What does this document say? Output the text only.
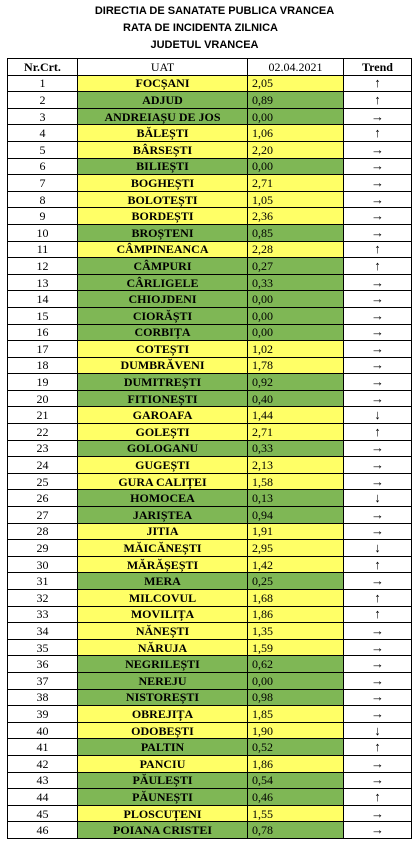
DIRECTIA DE SANATATE PUBLICA VRANCEA
RATA DE INCIDENTA ZILNICA
JUDETUL VRANCEA
Nr.Crt.	UAT	02.04.2021	Trend
1	FOCȘANI	2,05	↑
2	ADJUD	0,89	↑
3	ANDREIAȘU DE JOS	0,00	→
4	BĂLEȘTI	1,06	↑
5	BÂRSEȘTI	2,20	→
6	BILIEȘTI	0,00	→
7	BOGHEȘTI	2,71	→
8	BOLOTEȘTI	1,05	→
9	BORDEȘTI	2,36	→
10	BROȘTENI	0,85	→
11	CÂMPINEANCA	2,28	↑
12	CÂMPURI	0,27	↑
13	CÂRLIGELE	0,33	→
14	CHIOJDENI	0,00	→
15	CIORĂȘTI	0,00	→
16	CORBIȚA	0,00	→
17	COTEȘTI	1,02	→
18	DUMBRĂVENI	1,78	→
19	DUMITREȘTI	0,92	→
20	FITIONEȘTI	0,40	→
21	GAROAFA	1,44	↓
22	GOLEȘTI	2,71	↑
23	GOLOGANU	0,33	→
24	GUGEȘTI	2,13	→
25	GURA CALIȚEI	1,58	→
26	HOMOCEA	0,13	↓
27	JARIȘTEA	0,94	→
28	JITIA	1,91	→
29	MĂICĂNEȘTI	2,95	↓
30	MĂRĂȘEȘTI	1,42	↑
31	MERA	0,25	→
32	MILCOVUL	1,68	↑
33	MOVILIȚA	1,86	↑
34	NĂNEȘTI	1,35	→
35	NĂRUJA	1,59	→
36	NEGRILEȘTI	0,62	→
37	NEREJU	0,00	→
38	NISTOREȘTI	0,98	→
39	OBREJIȚA	1,85	→
40	ODOBEȘTI	1,90	↓
41	PALTIN	0,52	↑
42	PANCIU	1,86	→
43	PĂULEȘTI	0,54	→
44	PĂUNEȘTI	0,46	↑
45	PLOSCUȚENI	1,55	→
46	POIANA CRISTEI	0,78	→
